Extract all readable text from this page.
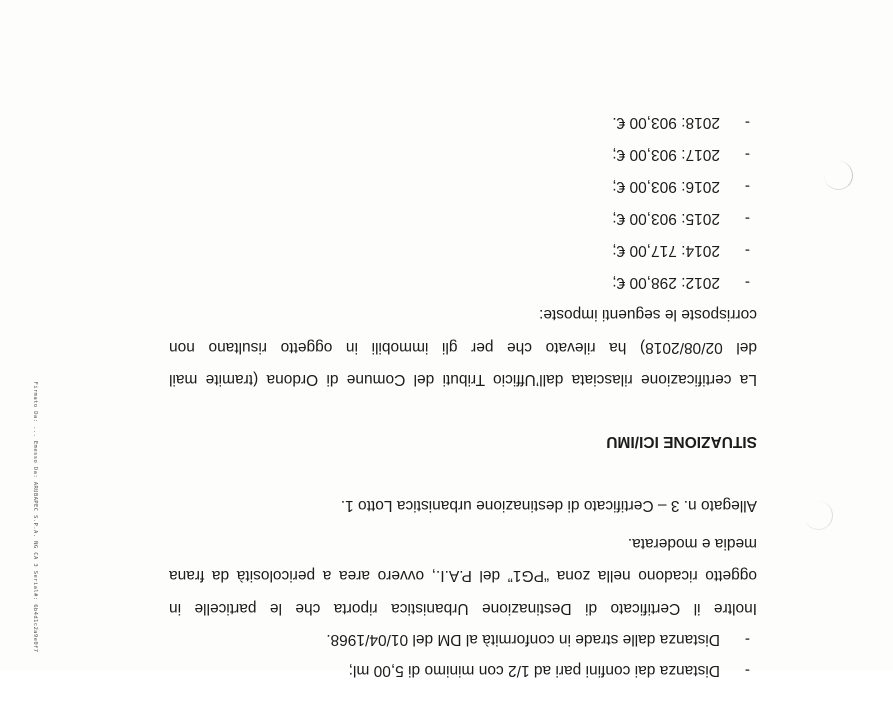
-
Distanza dai confini pari ad 1/2 con minimo di 5,00 ml;
-
Distanza dalle strade in conformità al DM del 01/04/1968.
Inoltre il Certificato di Destinazione Urbanistica riporta che le particelle in
oggetto ricadono nella zona “PG1” del P.A.I., ovvero area a pericolosità da frana
media e moderata.
Allegato n. 3 – Certificato di destinazione urbanistica Lotto 1.
SITUAZIONE ICI/IMU
La certificazione rilasciata dall’Ufficio Tributi del Comune di Ordona (tramite mail
del 02/08/2018) ha rilevato che per gli immobili in oggetto risultano non
corrisposte le seguenti imposte:
-
2012: 298,00 €;
-
2014: 717,00 €;
-
2015: 903,00 €;
-
2016: 903,00 €;
-
2017: 903,00 €;
-
2018: 903,00 €.
Firmato Da: ... Emesso Da: ARUBAPEC S.P.A. NG CA 3 Serial#: 6b4d1c2a9e0f7
